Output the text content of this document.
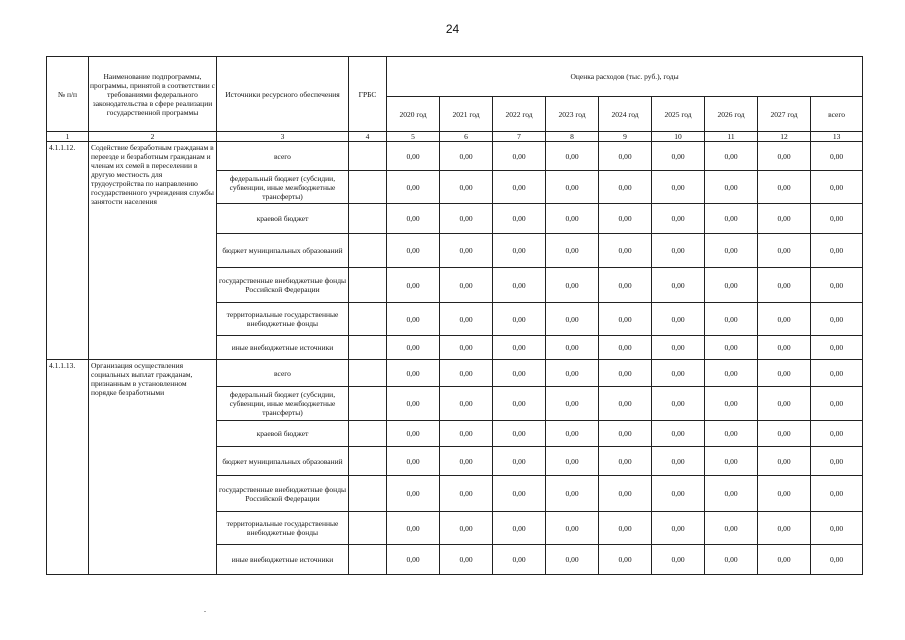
24
№ п/п	Наименование подпрограммы, программы, принятой в соответствии с требованиями федерального законодательства в сфере реализации государственной программы	Источники ресурсного обеспечения	ГРБС	Оценка расходов (тыс. руб.), годы								
				2020 год	2021 год	2022 год	2023 год	2024 год	2025 год	2026 год	2027 год	всего
1	2	3	4	5	6	7	8	9	10	11	12	13
4.1.1.12.	Содействие безработным гражданам в переезде и безработным гражданам и членам их семей в переселении в другую местность для трудоустройства по направлению государственного учреждения службы занятости населения	всего		0,00	0,00	0,00	0,00	0,00	0,00	0,00	0,00	0,00
		федеральный бюджет (субсидии, субвенции, иные межбюджетные трансферты)		0,00	0,00	0,00	0,00	0,00	0,00	0,00	0,00	0,00
		краевой бюджет		0,00	0,00	0,00	0,00	0,00	0,00	0,00	0,00	0,00
		бюджет муниципальных образований		0,00	0,00	0,00	0,00	0,00	0,00	0,00	0,00	0,00
		государственные внебюджетные фонды Российской Федерации		0,00	0,00	0,00	0,00	0,00	0,00	0,00	0,00	0,00
		территориальные государственные внебюджетные фонды		0,00	0,00	0,00	0,00	0,00	0,00	0,00	0,00	0,00
		иные внебюджетные источники		0,00	0,00	0,00	0,00	0,00	0,00	0,00	0,00	0,00
4.1.1.13.	Организация осуществления социальных выплат гражданам, признанным в установленном порядке безработными	всего		0,00	0,00	0,00	0,00	0,00	0,00	0,00	0,00	0,00
		федеральный бюджет (субсидии, субвенции, иные межбюджетные трансферты)		0,00	0,00	0,00	0,00	0,00	0,00	0,00	0,00	0,00
		краевой бюджет		0,00	0,00	0,00	0,00	0,00	0,00	0,00	0,00	0,00
		бюджет муниципальных образований		0,00	0,00	0,00	0,00	0,00	0,00	0,00	0,00	0,00
		государственные внебюджетные фонды Российской Федерации		0,00	0,00	0,00	0,00	0,00	0,00	0,00	0,00	0,00
		территориальные государственные внебюджетные фонды		0,00	0,00	0,00	0,00	0,00	0,00	0,00	0,00	0,00
		иные внебюджетные источники		0,00	0,00	0,00	0,00	0,00	0,00	0,00	0,00	0,00
.
